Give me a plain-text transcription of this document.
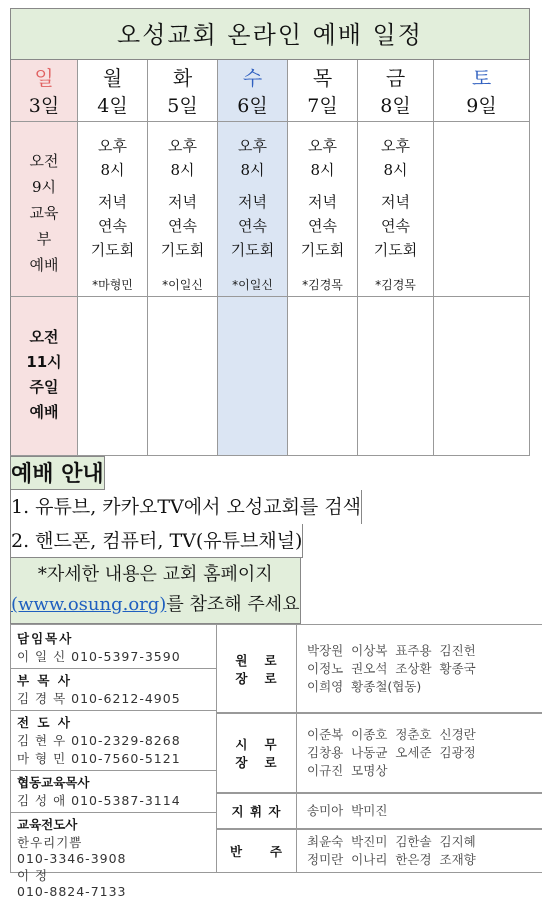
오성교회 온라인 예배 일정
일
3일
월
4일
화
5일
수
6일
목
7일
금
8일
토
9일
오전
9시
교육
부
예배
오후
8시
저녁
연속
기도회
*마형민
오후
8시
저녁
연속
기도회
*이일신
오후
8시
저녁
연속
기도회
*이일신
오후
8시
저녁
연속
기도회
*김경목
오후
8시
저녁
연속
기도회
*김경목
오전
11시
주일
예배
예배 안내
1. 유튜브, 카카오TV에서 오성교회를 검색
2. 핸드폰, 컴퓨터, TV(유튜브채널)
*자세한 내용은 교회 홈페이지
(www.osung.org)를 참조해 주세요
담임목사
이 일 신 010-5397-3590
부 목 사
김 경 목 010-6212-4905
전 도 사
김 현 우 010-2329-8268
마 형 민 010-7560-5121
협동교육목사
김 성 애 010-5387-3114
교육전도사
한우리기쁨
010-3346-3908
이 정
010-8824-7133
원   로
장   로
박장원  이상복  표주용  김진헌
이정노  권오석  조상환  황종국
이희영  황종철(협동)
시   무
장   로
이준복  이종호  정춘호  신경란
김창용  나동균  오세준  김광정
이규진  모명상
지 휘 자 송미아  박미진
반     주
최윤숙  박진미  김한솔  김지혜
정미란  이나리  한은경  조재향
